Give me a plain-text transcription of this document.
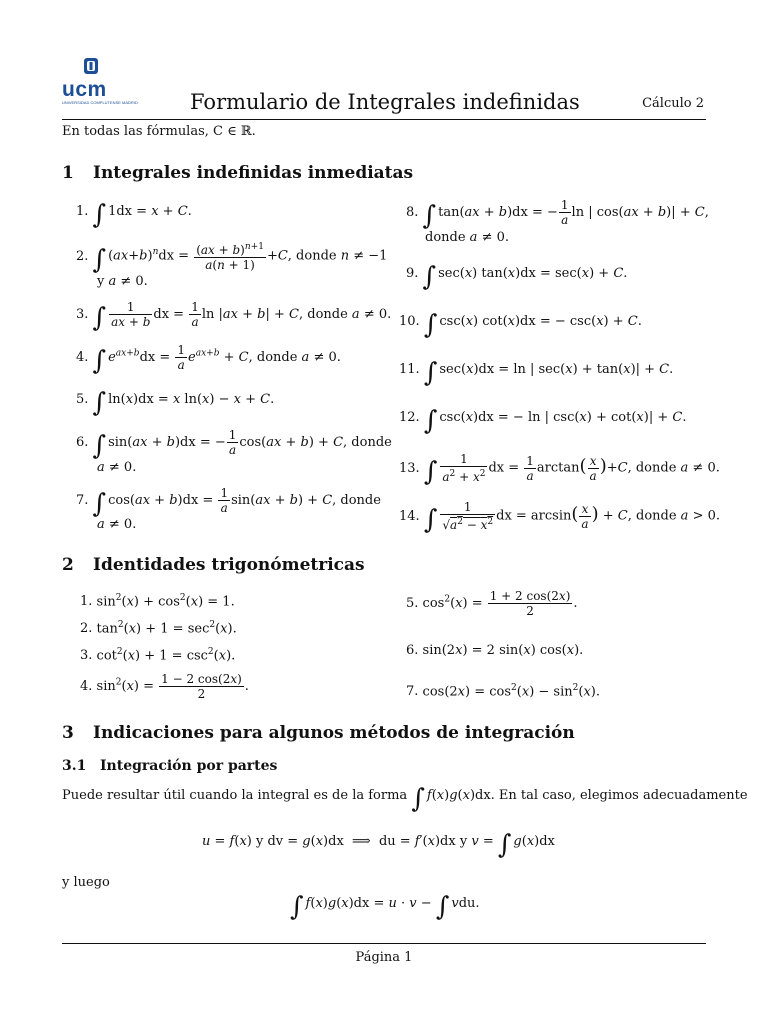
ucm
UNIVERSIDAD COMPLUTENSE MADRID Formulario de Integrales indefinidas	Cálculo 2
En todas las fórmulas, C ∈ ℝ.
1 Integrales indefinidas inmediatas
1. ∫ 1dx = x + C.
2. ∫ $(ax+b)^ndx = \frac{(ax + b)^{n+1}}{a(n + 1)} +C$, donde n ≠ −1
y a ≠ 0.
3. ∫ $\frac{1}{ax + b}$ dx = $\frac{1}{a}$ ln |ax + b| + C, donde a ≠ 0.
4. ∫ $e^{ax+b}dx = \frac{1}{a} e^{ax+b} + C$, donde a ≠ 0.
5. ∫ ln(x)dx = x ln(x) − x + C.
6. ∫ sin(ax + b)dx = − $\frac{1}{a} \cos(ax + b) + C$, donde
a ≠ 0.
7. ∫ $\cos(ax + b)dx = \frac{1}{a} \sin(ax + b) + C$, donde
a ≠ 0.
8. ∫ tan(ax + b)dx = − $\frac{1}{a}$ ln | cos(ax + b)| + C,
donde a ≠ 0.
9. ∫ sec(x) tan(x)dx = sec(x) + C.
10. ∫ csc(x) cot(x)dx = − csc(x) + C.
11. ∫ sec(x)dx = ln | sec(x) + tan(x)| + C.
12. ∫ csc(x)dx = − ln | csc(x) + cot(x)| + C.
13. ∫ $\frac{1}{a^2 + x^2}$ dx = $\frac{1}{a} \arctan( \frac{x}{a} )+C$, donde a ≠ 0.
14. ∫ $\frac{1}{√a^2 - x^2}$ dx = $\arcsin( \frac{x}{a}$ ) + C, donde a > 0.
2 Identidades trigonómetricas
1. $\sin^2(x) + \cos^2(x) = 1$.
2. $\tan^2(x) + 1 = \sec^2(x)$.
3. $\cot^2(x) + 1 = \csc^2(x)$.
4. $\sin^2(x) = \frac{1 - 2 \cos(2x)}{2}$ .
5. $\cos^2(x) = \frac{1 + 2 \cos(2x)}{2}$ .
6. sin(2x) = 2 sin(x) cos(x).
7. $\cos(2x) = \cos^2(x) - \sin^2(x)$.
3 Indicaciones para algunos métodos de integración
3.1 Integración por partes
Puede resultar útil cuando la integral es de la forma ∫ f(x)g(x)dx. En tal caso, elegimos adecuadamente
u = f(x) y dv = g(x)dx  ⟹  du = f′(x)dx y v = ∫ g(x)dx
y luego
∫ f(x)g(x)dx = u · v − ∫ vdu.
Página 1
